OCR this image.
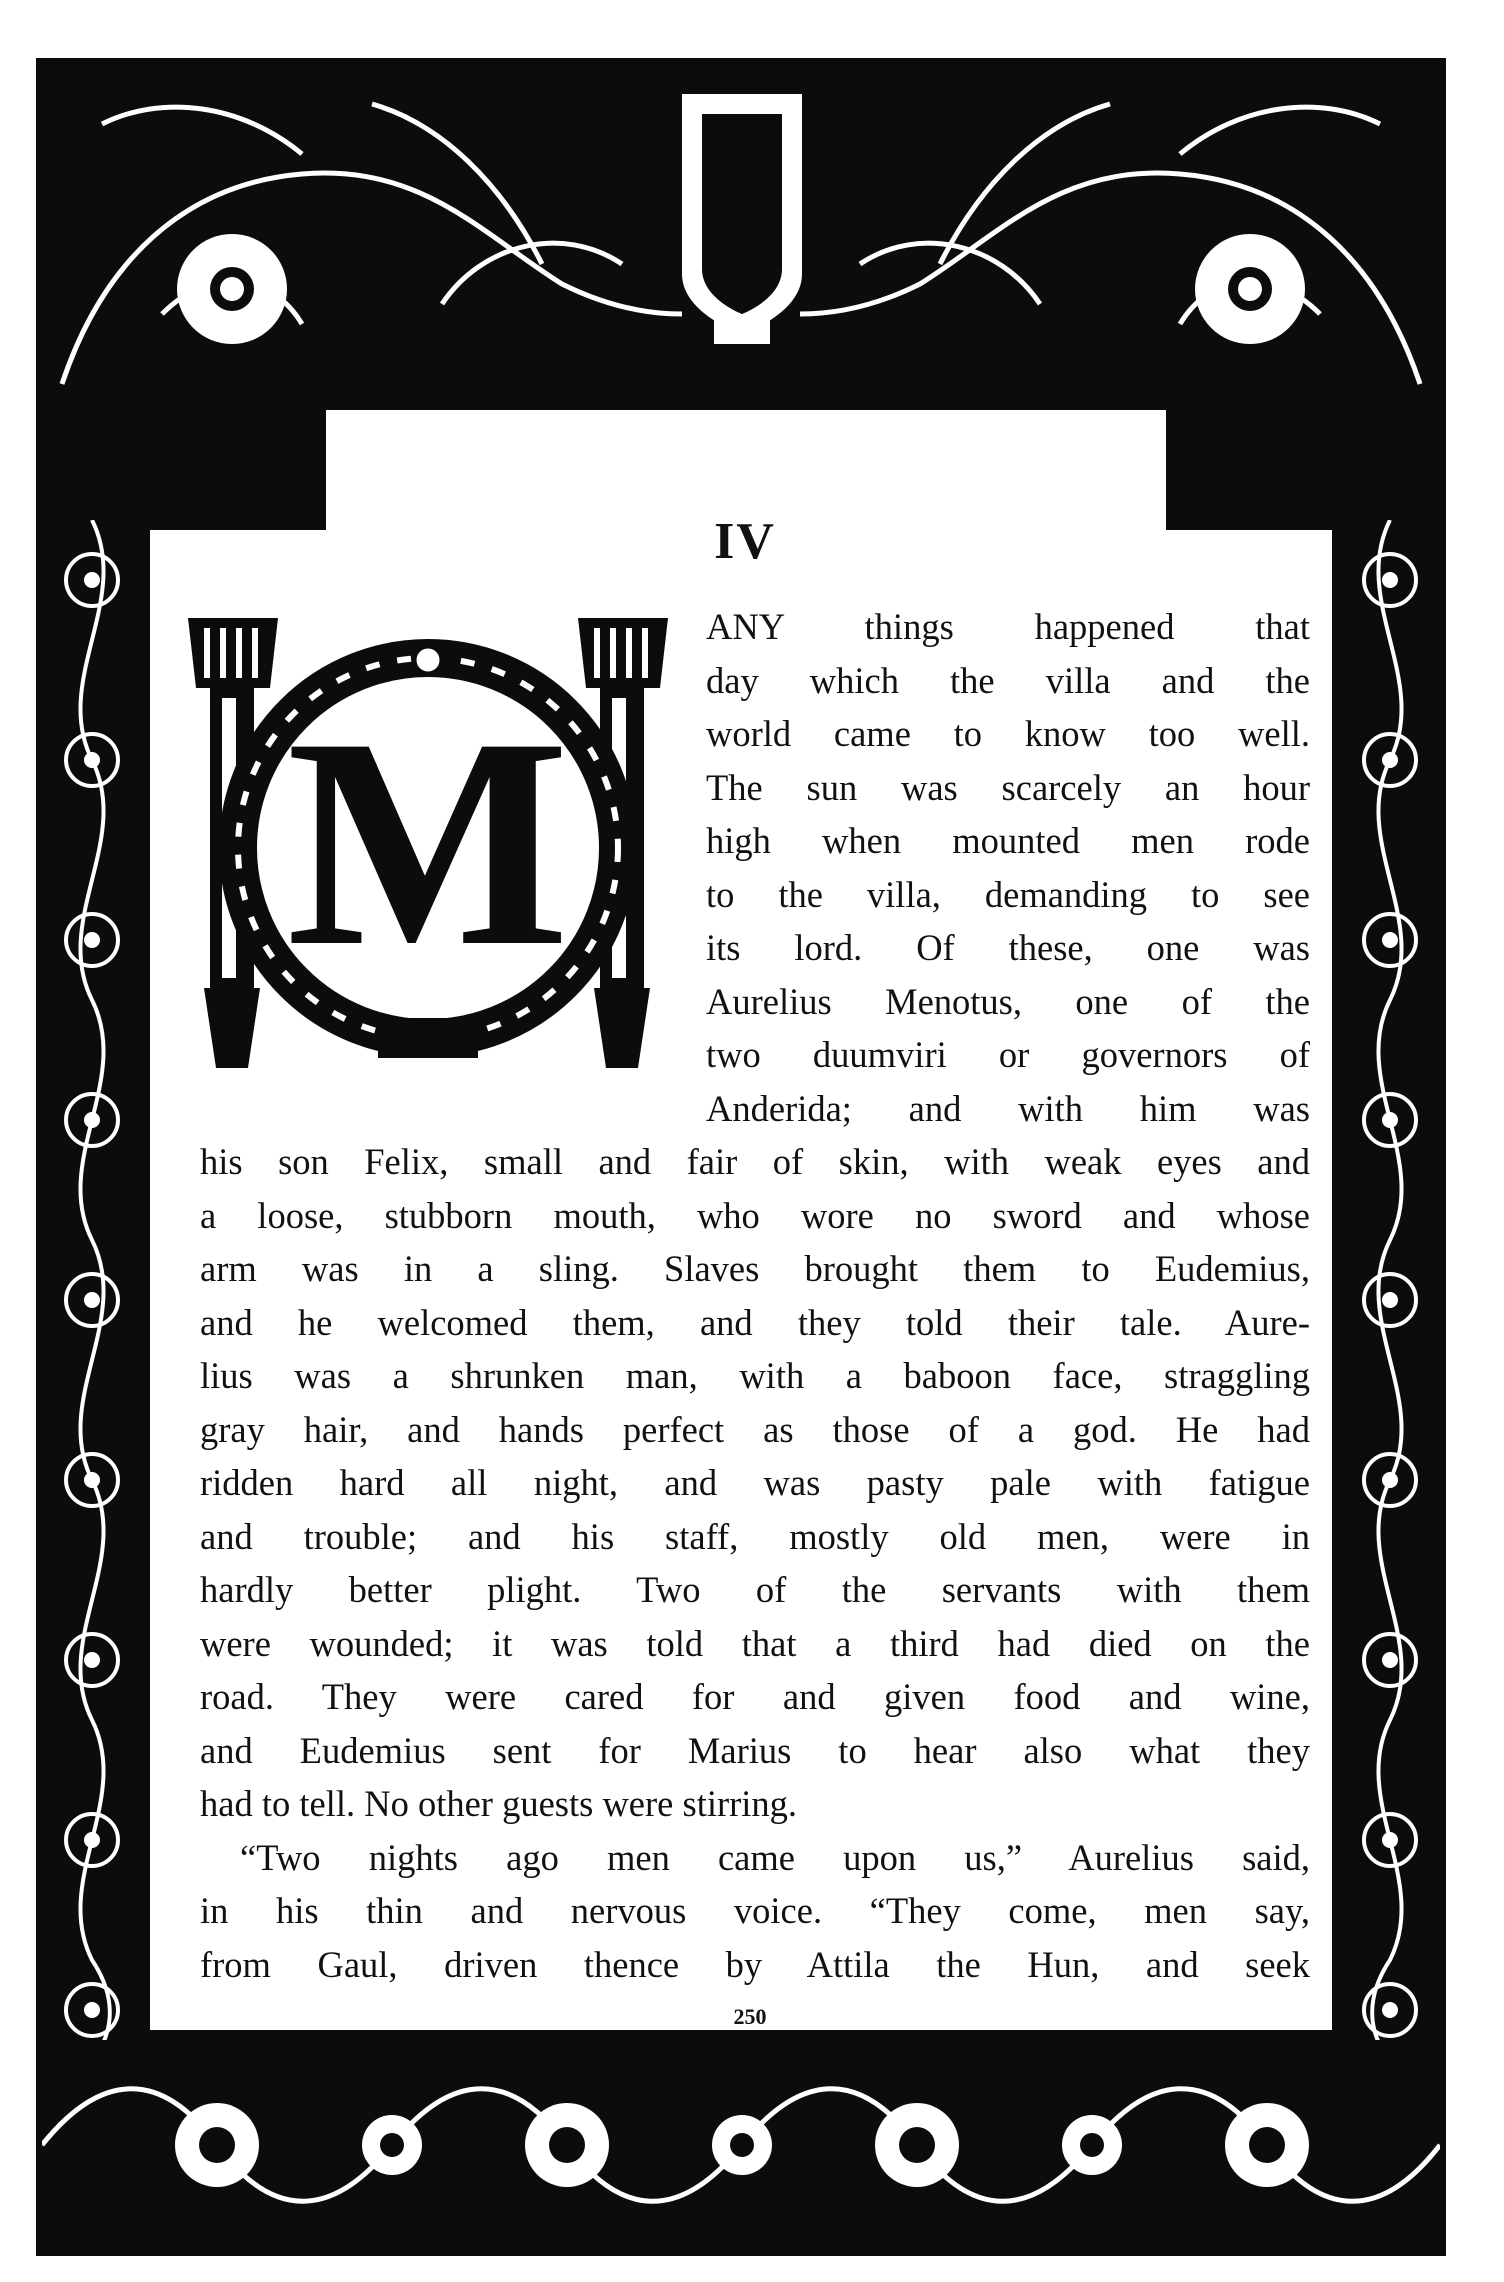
IV
M
ANY things happened that
day which the villa and the
world came to know too well.
The sun was scarcely an hour
high when mounted men rode
to the villa, demanding to see
its lord. Of these, one was
Aurelius Menotus, one of the
two duumviri or governors of
Anderida; and with him was
his son Felix, small and fair of skin, with weak eyes and
a loose, stubborn mouth, who wore no sword and whose
arm was in a sling. Slaves brought them to Eudemius,
and he welcomed them, and they told their tale. Aure-
lius was a shrunken man, with a baboon face, straggling
gray hair, and hands perfect as those of a god. He had
ridden hard all night, and was pasty pale with fatigue
and trouble; and his staff, mostly old men, were in
hardly better plight. Two of the servants with them
were wounded; it was told that a third had died on the
road. They were cared for and given food and wine,
and Eudemius sent for Marius to hear also what they
had to tell. No other guests were stirring.
“Two nights ago men came upon us,” Aurelius said,
in his thin and nervous voice. “They come, men say,
from Gaul, driven thence by Attila the Hun, and seek
250
